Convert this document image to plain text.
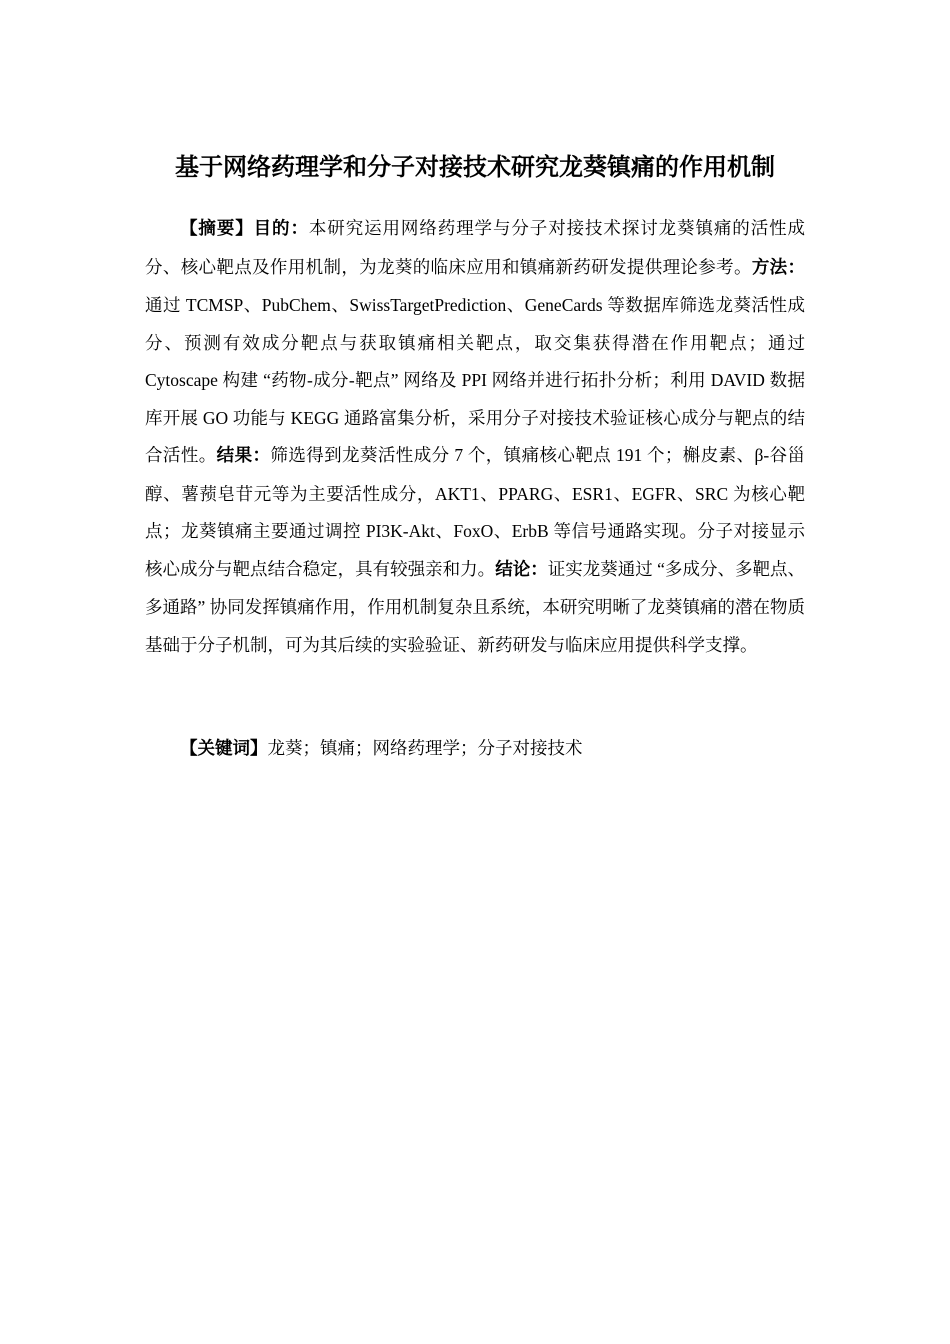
基于网络药理学和分子对接技术研究龙葵镇痛的作用机制

【摘要】目的：本研究运用网络药理学与分子对接技术探讨龙葵镇痛的活性成分、核心靶点及作用机制，为龙葵的临床应用和镇痛新药研发提供理论参考。方法：通过 TCMSP、PubChem、SwissTargetPrediction、GeneCards 等数据库筛选龙葵活性成分、预测有效成分靶点与获取镇痛相关靶点，取交集获得潜在作用靶点；通过 Cytoscape 构建 “药物-成分-靶点” 网络及 PPI 网络并进行拓扑分析；利用 DAVID 数据库开展 GO 功能与 KEGG 通路富集分析，采用分子对接技术验证核心成分与靶点的结合活性。结果：筛选得到龙葵活性成分 7 个，镇痛核心靶点 191 个；槲皮素、β-谷甾醇、薯蓣皂苷元等为主要活性成分，AKT1、PPARG、ESR1、EGFR、SRC 为核心靶点；龙葵镇痛主要通过调控 PI3K-Akt、FoxO、ErbB 等信号通路实现。分子对接显示核心成分与靶点结合稳定，具有较强亲和力。结论：证实龙葵通过 “多成分、多靶点、多通路” 协同发挥镇痛作用，作用机制复杂且系统，本研究明晰了龙葵镇痛的潜在物质基础于分子机制，可为其后续的实验验证、新药研发与临床应用提供科学支撑。

【关键词】龙葵；镇痛；网络药理学；分子对接技术
